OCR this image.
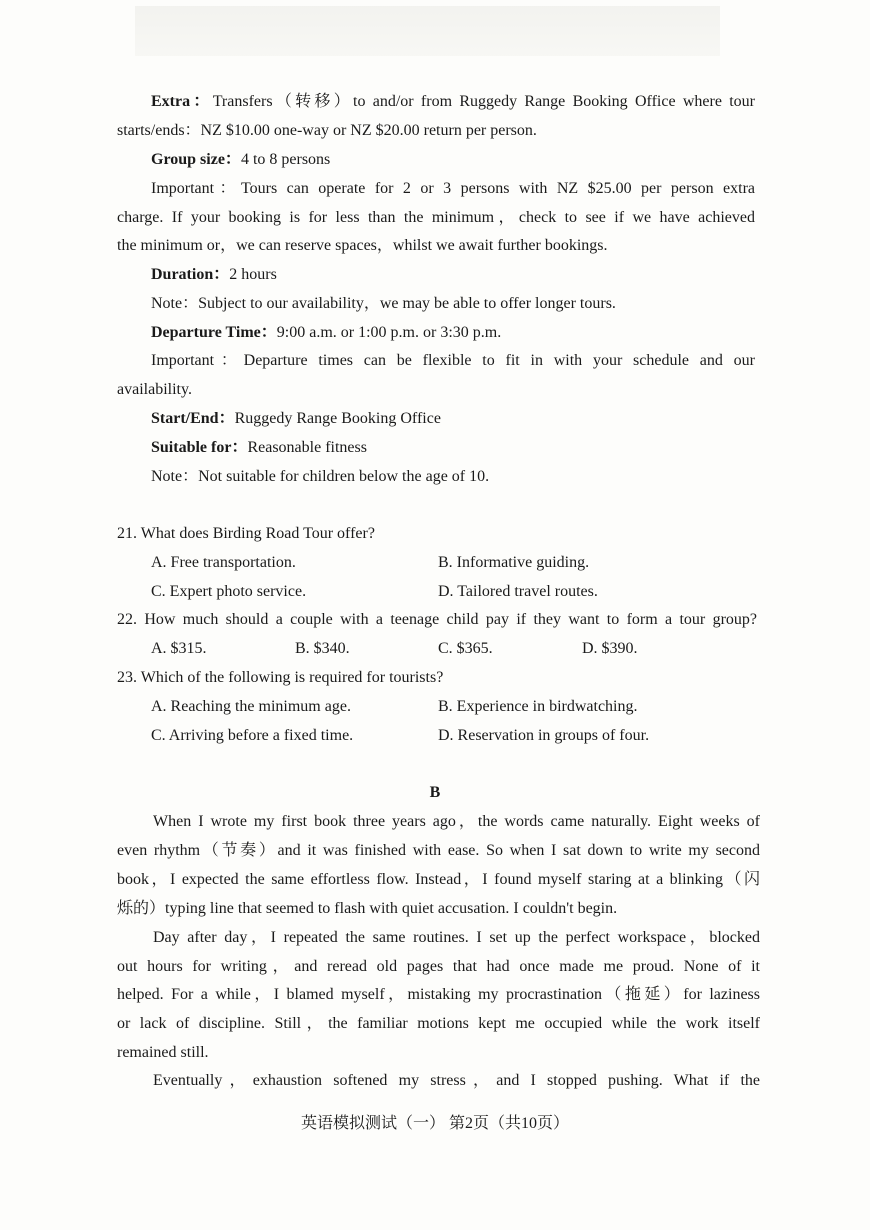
Extra：Transfers（转移）to and/or from Ruggedy Range Booking Office where tour
starts/ends：NZ $10.00 one-way or NZ $20.00 return per person.
Group size：4 to 8 persons
Important：Tours can operate for 2 or 3 persons with NZ $25.00 per person extra
charge. If your booking is for less than the minimum，check to see if we have achieved
the minimum or，we can reserve spaces，whilst we await further bookings.
Duration：2 hours
Note：Subject to our availability，we may be able to offer longer tours.
Departure Time：9:00 a.m. or 1:00 p.m. or 3:30 p.m.
Important：Departure times can be flexible to fit in with your schedule and our
availability.
Start/End：Ruggedy Range Booking Office
Suitable for：Reasonable fitness
Note：Not suitable for children below the age of 10.
21. What does Birding Road Tour offer?
A. Free transportation.	B. Informative guiding.
C. Expert photo service.	D. Tailored travel routes.
22. How much should a couple with a teenage child pay if they want to form a tour group?
A. $315.	B. $340.	C. $365.	D. $390.
23. Which of the following is required for tourists?
A. Reaching the minimum age.	B. Experience in birdwatching.
C. Arriving before a fixed time.	D. Reservation in groups of four.
B
When I wrote my first book three years ago，the words came naturally. Eight weeks of
even rhythm（节奏）and it was finished with ease. So when I sat down to write my second
book，I expected the same effortless flow. Instead，I found myself staring at a blinking（闪
烁的）typing line that seemed to flash with quiet accusation. I couldn't begin.
Day after day，I repeated the same routines. I set up the perfect workspace，blocked
out hours for writing，and reread old pages that had once made me proud. None of it
helped. For a while，I blamed myself，mistaking my procrastination（拖延）for laziness
or lack of discipline. Still，the familiar motions kept me occupied while the work itself
remained still.
Eventually，exhaustion softened my stress，and I stopped pushing. What if the
英语模拟测试（一） 第2页（共10页）
